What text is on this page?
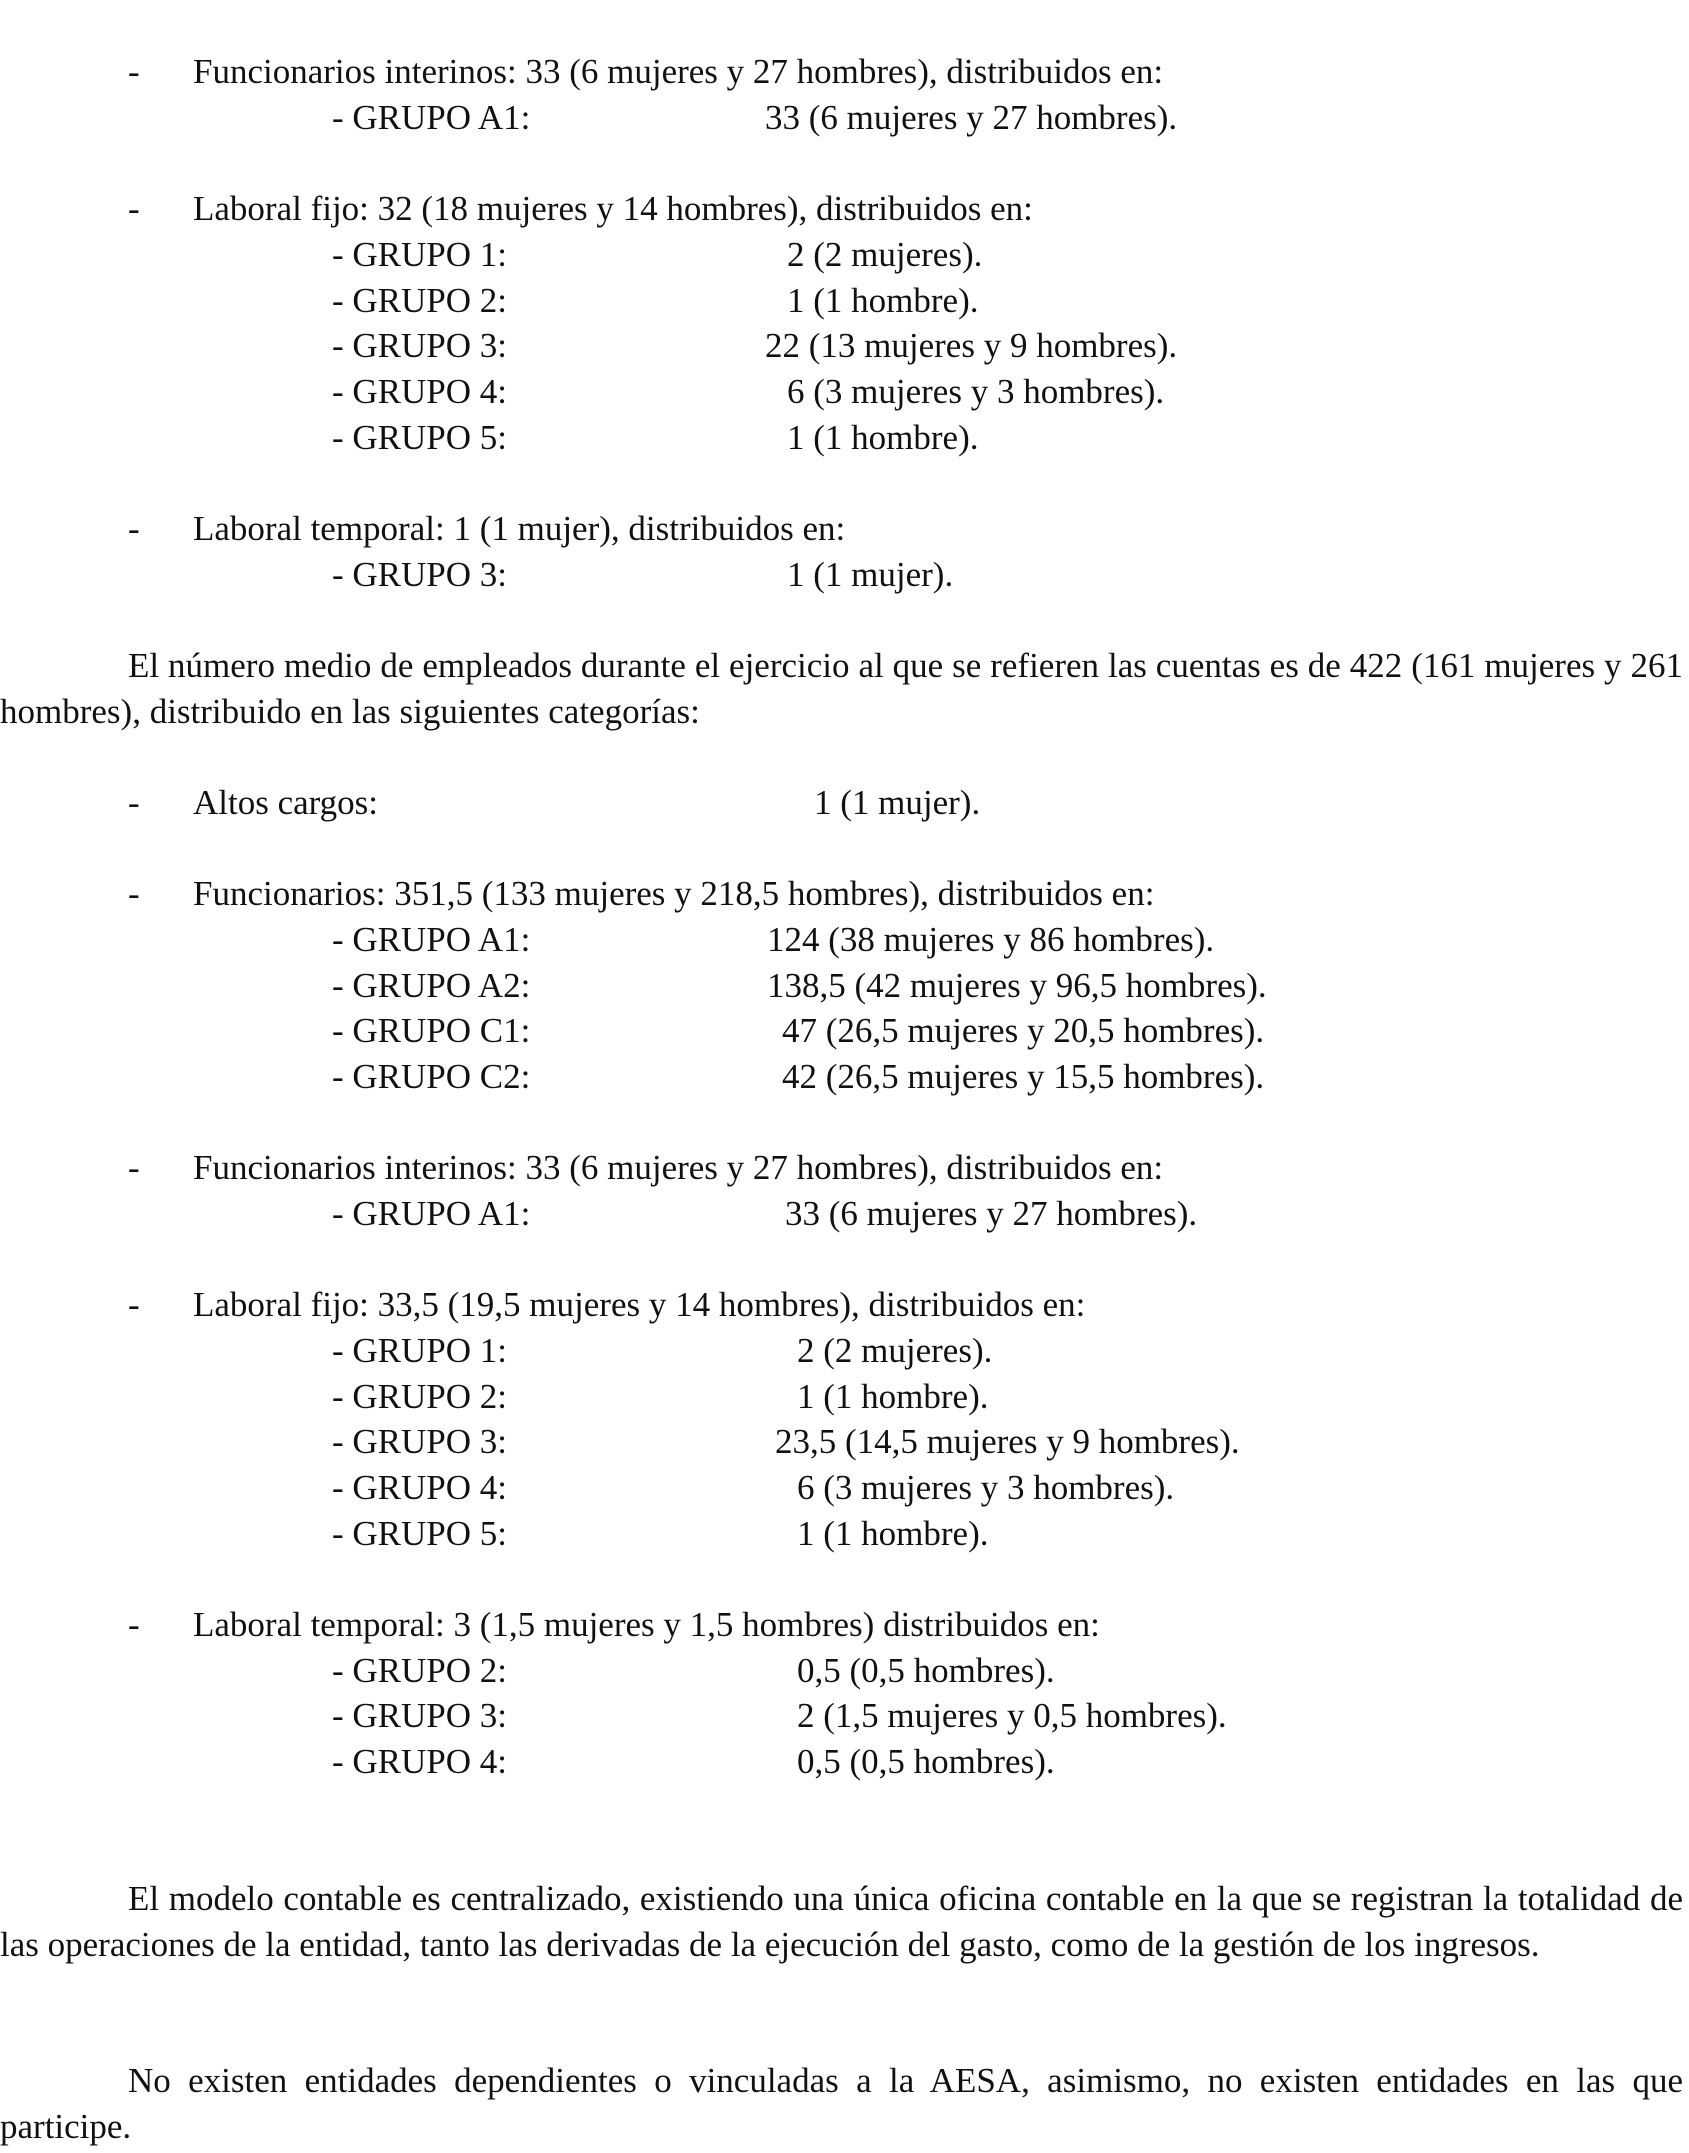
- Funcionarios interinos: 33 (6 mujeres y 27 hombres), distribuidos en:
- GRUPO A1:	33 (6 mujeres y 27 hombres).
- Laboral fijo: 32 (18 mujeres y 14 hombres), distribuidos en:
- GRUPO 1:	2 (2 mujeres).
- GRUPO 2:	1 (1 hombre).
- GRUPO 3:	22 (13 mujeres y 9 hombres).
- GRUPO 4:	6 (3 mujeres y 3 hombres).
- GRUPO 5:	1 (1 hombre).
- Laboral temporal: 1 (1 mujer), distribuidos en:
- GRUPO 3:	1 (1 mujer).
El número medio de empleados durante el ejercicio al que se refieren las cuentas es de 422 (161 mujeres y 261 hombres), distribuido en las siguientes categorías:
- Altos cargos:	1 (1 mujer).
- Funcionarios: 351,5 (133 mujeres y 218,5 hombres), distribuidos en:
- GRUPO A1:	124 (38 mujeres y 86 hombres).
- GRUPO A2:	138,5 (42 mujeres y 96,5 hombres).
- GRUPO C1:	47 (26,5 mujeres y 20,5 hombres).
- GRUPO C2:	42 (26,5 mujeres y 15,5 hombres).
- Funcionarios interinos: 33 (6 mujeres y 27 hombres), distribuidos en:
- GRUPO A1:	33 (6 mujeres y 27 hombres).
- Laboral fijo: 33,5 (19,5 mujeres y 14 hombres), distribuidos en:
- GRUPO 1:	2 (2 mujeres).
- GRUPO 2:	1 (1 hombre).
- GRUPO 3:	23,5 (14,5 mujeres y 9 hombres).
- GRUPO 4:	6 (3 mujeres y 3 hombres).
- GRUPO 5:	1 (1 hombre).
- Laboral temporal: 3 (1,5 mujeres y 1,5 hombres) distribuidos en:
- GRUPO 2:	0,5 (0,5 hombres).
- GRUPO 3:	2 (1,5 mujeres y 0,5 hombres).
- GRUPO 4:	0,5 (0,5 hombres).
El modelo contable es centralizado, existiendo una única oficina contable en la que se registran la totalidad de las operaciones de la entidad, tanto las derivadas de la ejecución del gasto, como de la gestión de los ingresos.
No existen entidades dependientes o vinculadas a la AESA, asimismo, no existen entidades en las que participe.
